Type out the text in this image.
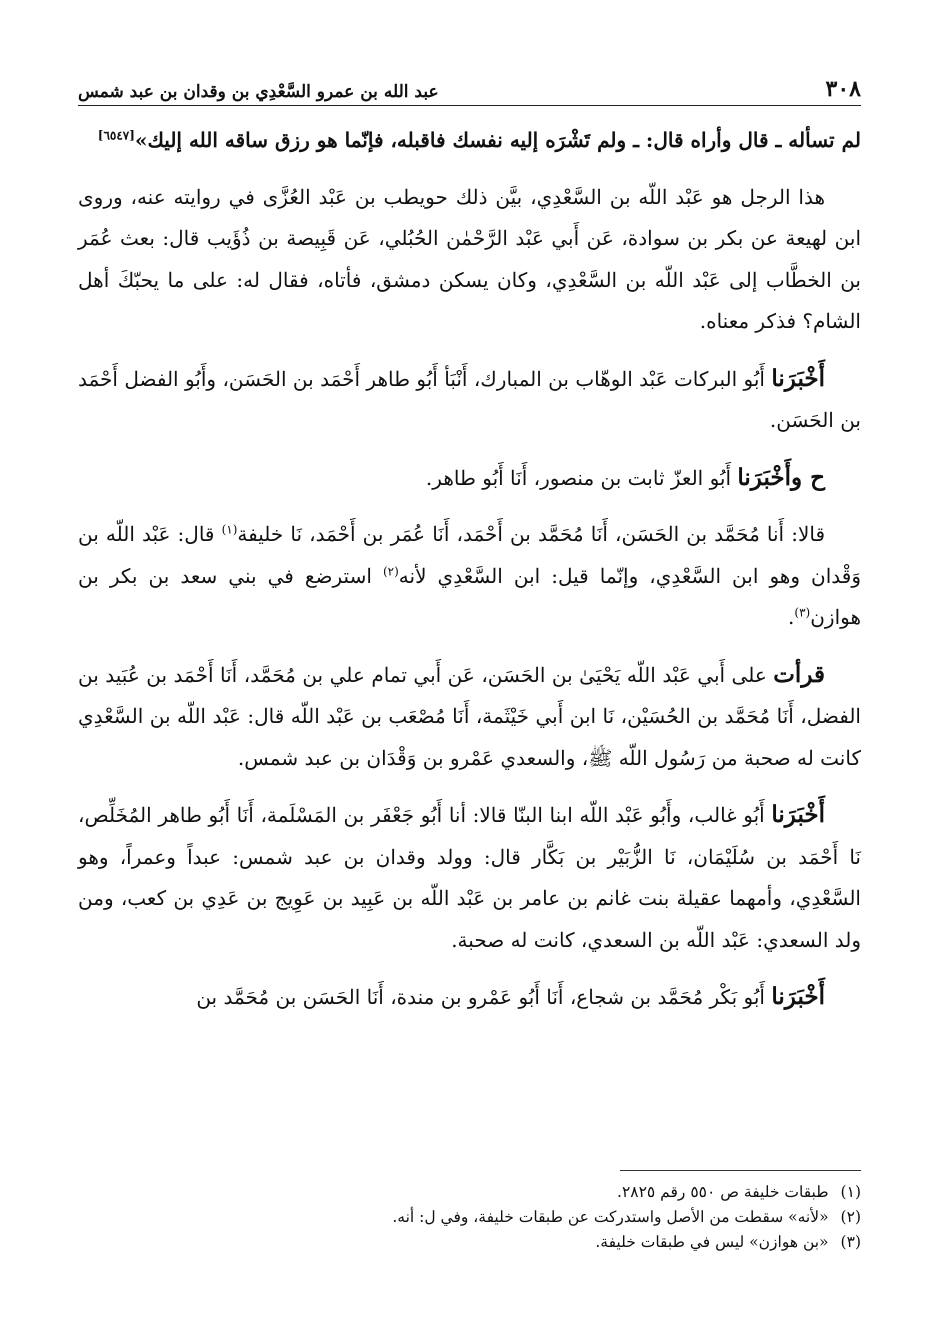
عبد الله بن عمرو السَّعْدِي بن وقدان بن عبد شمس	٣٠٨

لم تسأله ـ قال وأراه قال: ـ ولم تَشْرَه إليه نفسك فاقبله، فإنّما هو رزق ساقه الله إليك»[٦٥٤٧]

هذا الرجل هو عَبْد اللّه بن السَّعْدِي، بيَّن ذلك حويطب بن عَبْد العُزَّى في روايته عنه، وروى ابن لهيعة عن بكر بن سوادة، عَن أَبي عَبْد الرَّحْمٰن الحُبُلي، عَن قَبِيصة بن ذُؤَيب قال: بعث عُمَر بن الخطَّاب إلى عَبْد اللّه بن السَّعْدِي، وكان يسكن دمشق، فأتاه، فقال له: على ما يحبّكَ أهل الشام؟ فذكر معناه.

أَخْبَرَنا أَبُو البركات عَبْد الوهّاب بن المبارك، أَنْبَأ أَبُو طاهر أَحْمَد بن الحَسَن، وأَبُو الفضل أَحْمَد بن الحَسَن.

ح وأَخْبَرَنا أَبُو العزّ ثابت بن منصور، أَنَا أَبُو طاهر.

قالا: أَنا مُحَمَّد بن الحَسَن، أَنَا مُحَمَّد بن أَحْمَد، أَنَا عُمَر بن أَحْمَد، نَا خليفة$^{(١)}$ قال: عَبْد اللّه بن وَقْدان وهو ابن السَّعْدِي، وإنّما قيل: ابن السَّعْدِي لأنه$^{(٢)}$ استرضع في بني سعد بن بكر بن هوازن$^{(٣)}$.

قرأت على أَبي عَبْد اللّه يَحْيَىٰ بن الحَسَن، عَن أَبي تمام علي بن مُحَمَّد، أَنَا أَحْمَد بن عُبَيد بن الفضل، أَنَا مُحَمَّد بن الحُسَيْن، نَا ابن أَبي خَيْثَمة، أَنَا مُصْعَب بن عَبْد اللّه قال: عَبْد اللّه بن السَّعْدِي كانت له صحبة من رَسُول اللّه ﷺ، والسعدي عَمْرو بن وَقْدَان بن عبد شمس.

أَخْبَرَنا أَبُو غالب، وأَبُو عَبْد اللّه ابنا البنّا قالا: أنا أَبُو جَعْفَر بن المَسْلَمة، أَنَا أَبُو طاهر المُخَلِّص، نَا أَحْمَد بن سُلَيْمَان، نَا الزُّبَيْر بن بَكَّار قال: وولد وقدان بن عبد شمس: عبداً وعمراً، وهو السَّعْدِي، وأمهما عقيلة بنت غانم بن عامر بن عَبْد اللّه بن عَبِيد بن عَوِيج بن عَدِي بن كعب، ومن ولد السعدي: عَبْد اللّه بن السعدي، كانت له صحبة.

أَخْبَرَنا أَبُو بَكْر مُحَمَّد بن شجاع، أَنَا أَبُو عَمْرو بن مندة، أَنَا الحَسَن بن مُحَمَّد بن

(١)
طبقات خليفة ص ٥٥٠ رقم ٢٨٢٥.
(٢)
«لأنه» سقطت من الأصل واستدركت عن طبقات خليفة، وفي ل: أنه.
(٣)
«بن هوازن» ليس في طبقات خليفة.
